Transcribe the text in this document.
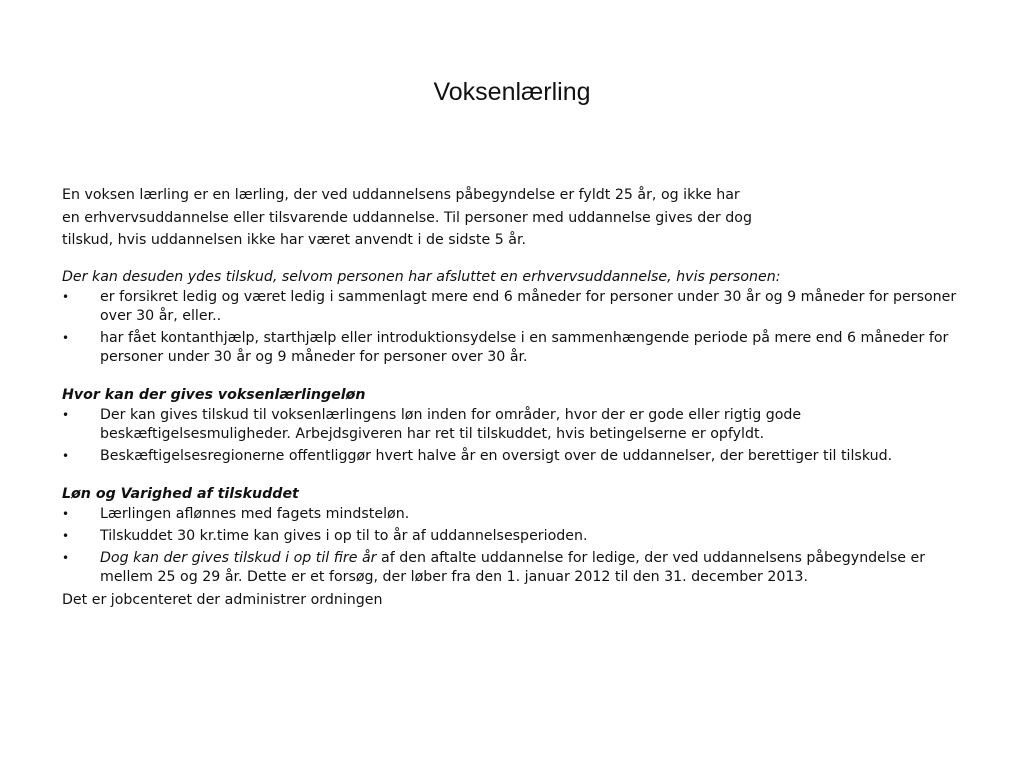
Voksenlærling

En voksen lærling er en lærling, der ved uddannelsens påbegyndelse er fyldt 25 år, og ikke har

en erhvervsuddannelse eller tilsvarende uddannelse. Til personer med uddannelse gives der dog

tilskud, hvis uddannelsen ikke har været anvendt i de sidste 5 år.

Der kan desuden ydes tilskud, selvom personen har afsluttet en erhvervsuddannelse, hvis personen:

• er forsikret ledig og været ledig i sammenlagt mere end 6 måneder for personer under 30 år og 9 måneder for personer over 30 år, eller..
• har fået kontanthjælp, starthjælp eller introduktionsydelse i en sammenhængende periode på mere end 6 måneder for personer under 30 år og 9 måneder for personer over 30 år.

Hvor kan der gives voksenlærlingeløn

• Der kan gives tilskud til voksenlærlingens løn inden for områder, hvor der er gode eller rigtig gode beskæftigelsesmuligheder. Arbejdsgiveren har ret til tilskuddet, hvis betingelserne er opfyldt.
• Beskæftigelsesregionerne offentliggør hvert halve år en oversigt over de uddannelser, der berettiger til tilskud.

Løn og Varighed af tilskuddet

• Lærlingen aflønnes med fagets mindsteløn.
• Tilskuddet 30 kr.time kan gives i op til to år af uddannelsesperioden.
• Dog kan der gives tilskud i op til fire år af den aftalte uddannelse for ledige, der ved uddannelsens påbegyndelse er mellem 25 og 29 år. Dette er et forsøg, der løber fra den 1. januar 2012 til den 31. december 2013.

Det er jobcenteret der administrer ordningen
